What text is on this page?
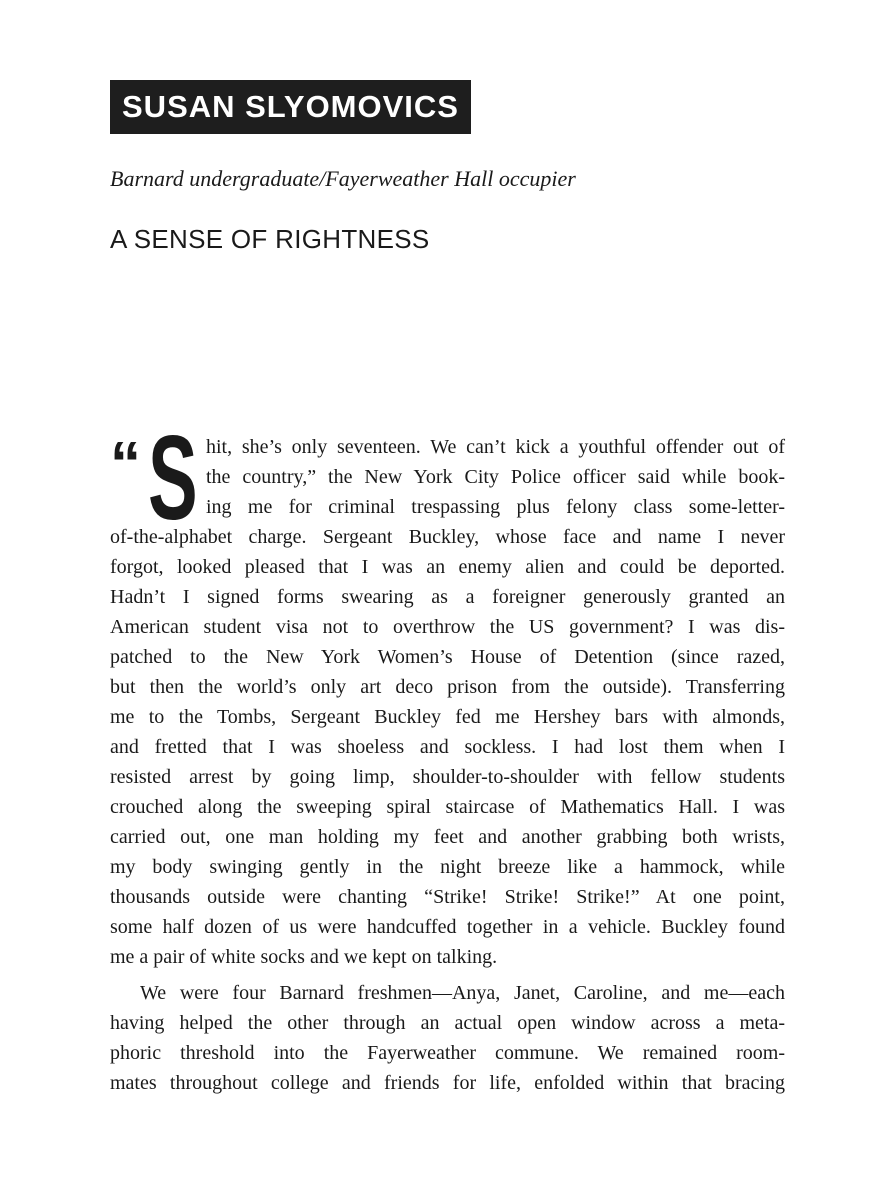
SUSAN SLYOMOVICS
Barnard undergraduate/Fayerweather Hall occupier
A SENSE OF RIGHTNESS
“ S hit, she’s only seventeen. We can’t kick a youthful offender out of
the country,” the New York City Police officer said while book-
ing me for criminal trespassing plus felony class some-letter-
of-the-alphabet charge. Sergeant Buckley, whose face and name I never
forgot, looked pleased that I was an enemy alien and could be deported.
Hadn’t I signed forms swearing as a foreigner generously granted an
American student visa not to overthrow the US government? I was dis-
patched to the New York Women’s House of Detention (since razed,
but then the world’s only art deco prison from the outside). Transferring
me to the Tombs, Sergeant Buckley fed me Hershey bars with almonds,
and fretted that I was shoeless and sockless. I had lost them when I
resisted arrest by going limp, shoulder-to-shoulder with fellow students
crouched along the sweeping spiral staircase of Mathematics Hall. I was
carried out, one man holding my feet and another grabbing both wrists,
my body swinging gently in the night breeze like a hammock, while
thousands outside were chanting “Strike! Strike! Strike!” At one point,
some half dozen of us were handcuffed together in a vehicle. Buckley found
me a pair of white socks and we kept on talking.
We were four Barnard freshmen—Anya, Janet, Caroline, and me—each
having helped the other through an actual open window across a meta-
phoric threshold into the Fayerweather commune. We remained room-
mates throughout college and friends for life, enfolded within that bracing
